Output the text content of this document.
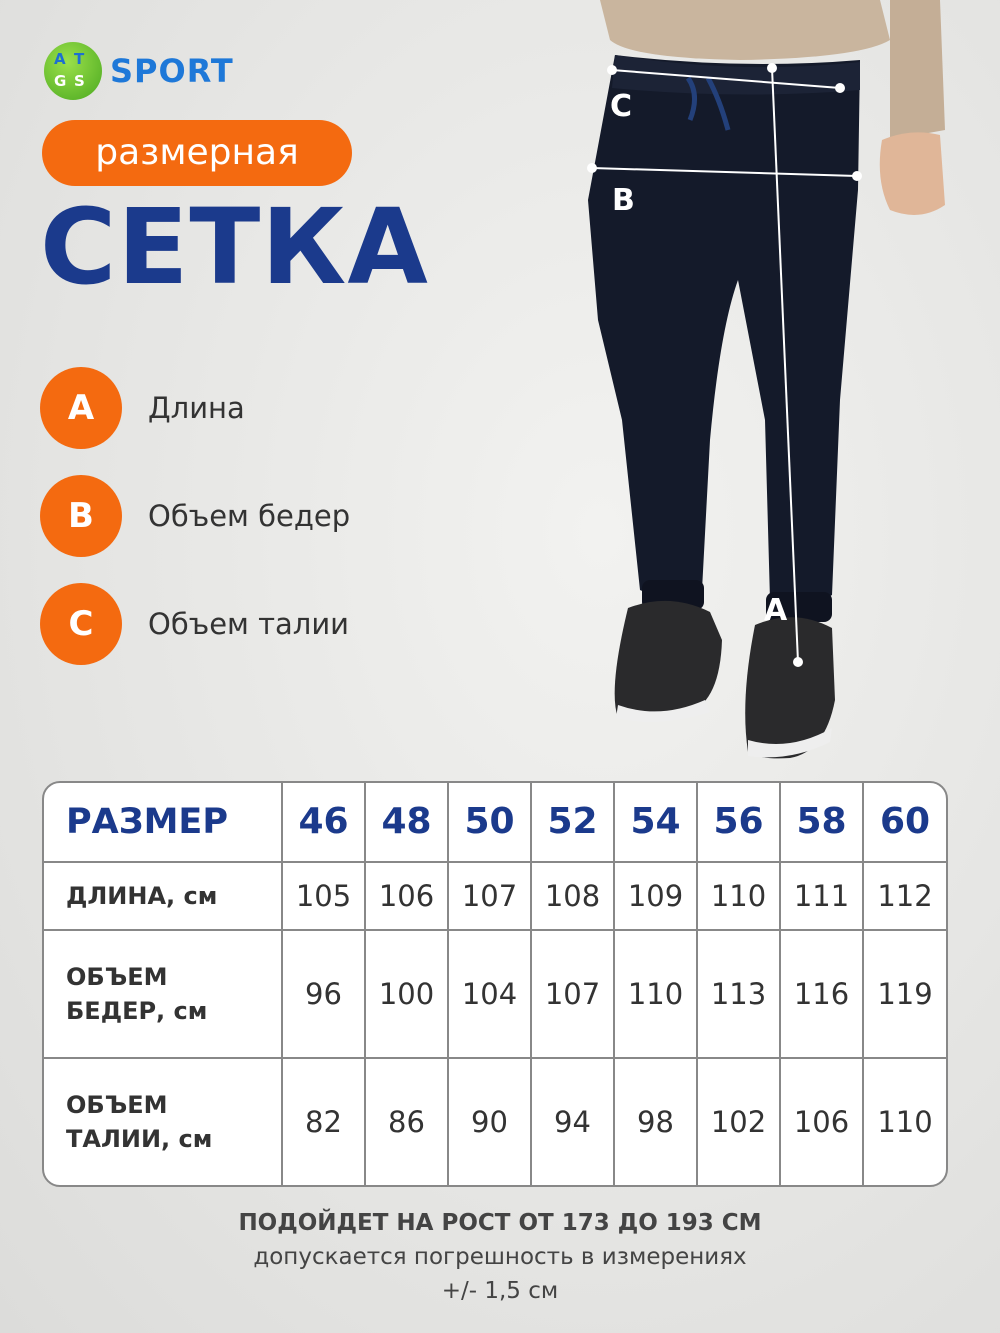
A T
G S SPORT
размерная
СЕТКА
A	Длина
B	Объем бедер
C	Объем талии
C
B
A
РАЗМЕР	46	48	50	52	54	56	58	60
ДЛИНА, см	105	106	107	108	109	110	111	112
ОБЪЕМ
БЕДЕР, см	96	100	104	107	110	113	116	119
ОБЪЕМ
ТАЛИИ, см	82	86	90	94	98	102	106	110
ПОДОЙДЕТ НА РОСТ ОТ 173 ДО 193 СМ
допускается погрешность в измерениях
+/- 1,5 см
